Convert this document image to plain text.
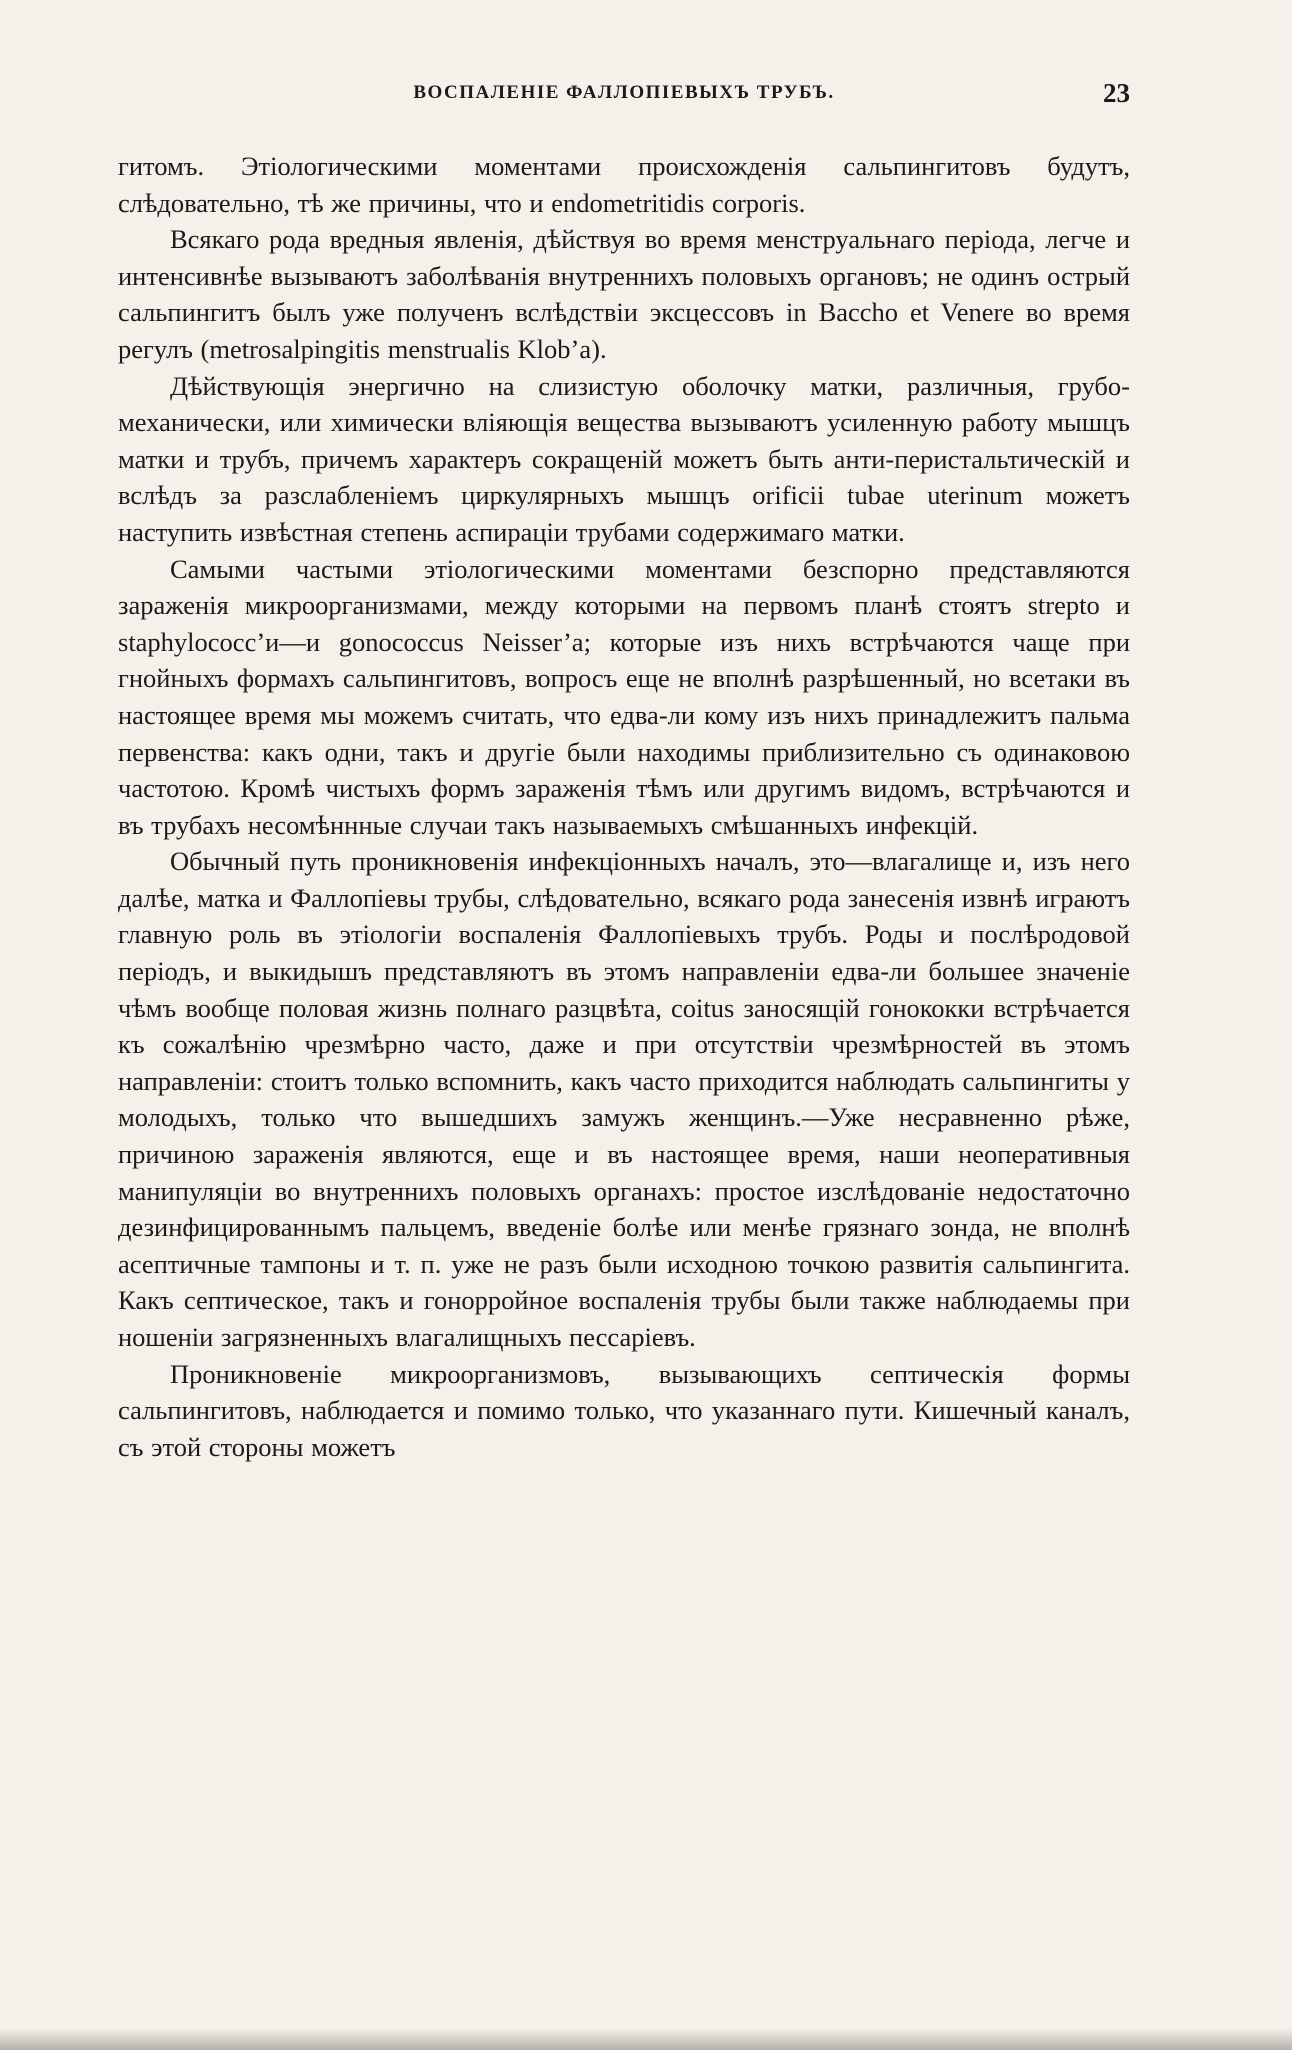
ВОСПАЛЕНІЕ ФАЛЛОПІЕВЫХЪ ТРУБЪ.	23

гитомъ. Этіологическими моментами происхожденія сальпингитовъ будутъ, слѣдовательно, тѣ же причины, что и endometritidis corporis.

Всякаго рода вредныя явленія, дѣйствуя во время менструальнаго періода, легче и интенсивнѣе вызываютъ заболѣванія внутреннихъ половыхъ органовъ; не одинъ острый сальпингитъ былъ уже полученъ вслѣдствіи эксцессовъ in Baccho et Venere во время регулъ (metrosalpingitis menstrualis Klob’a).

Дѣйствующія энергично на слизистую оболочку матки, различныя, грубо-механически, или химически вліяющія вещества вызываютъ усиленную работу мышцъ матки и трубъ, причемъ характеръ сокращеній можетъ быть анти-перистальтическій и вслѣдъ за разслабленіемъ циркулярныхъ мышцъ orificii tubae uterinum можетъ наступить извѣстная степень аспираціи трубами содержимаго матки.

Самыми частыми этіологическими моментами безспорно представляются зараженія микроорганизмами, между которыми на первомъ планѣ стоятъ strepto и staphylococc’и—и gonococcus Neisser’a; которые изъ нихъ встрѣчаются чаще при гнойныхъ формахъ сальпингитовъ, вопросъ еще не вполнѣ разрѣшенный, но всетаки въ настоящее время мы можемъ считать, что едва-ли кому изъ нихъ принадлежитъ пальма первенства: какъ одни, такъ и другіе были находимы приблизительно съ одинаковою частотою. Кромѣ чистыхъ формъ зараженія тѣмъ или другимъ видомъ, встрѣчаются и въ трубахъ несомѣннные случаи такъ называемыхъ смѣшанныхъ инфекцій.

Обычный путь проникновенія инфекціонныхъ началъ, это—влагалище и, изъ него далѣе, матка и Фаллопіевы трубы, слѣдовательно, всякаго рода занесенія извнѣ играютъ главную роль въ этіологіи воспаленія Фаллопіевыхъ трубъ. Роды и послѣродовой періодъ, и выкидышъ представляютъ въ этомъ направленіи едва-ли большее значеніе чѣмъ вообще половая жизнь полнаго разцвѣта, coitus заносящій гонококки встрѣчается къ сожалѣнію чрезмѣрно часто, даже и при отсутствіи чрезмѣрностей въ этомъ направленіи: стоитъ только вспомнить, какъ часто приходится наблюдать сальпингиты у молодыхъ, только что вышедшихъ замужъ женщинъ.—Уже несравненно рѣже, причиною зараженія являются, еще и въ настоящее время, наши неоперативныя манипуляціи во внутреннихъ половыхъ органахъ: простое изслѣдованіе недостаточно дезинфицированнымъ пальцемъ, введеніе болѣе или менѣе грязнаго зонда, не вполнѣ асептичные тампоны и т. п. уже не разъ были исходною точкою развитія сальпингита. Какъ септическое, такъ и гонорройное воспаленія трубы были также наблюдаемы при ношеніи загрязненныхъ влагалищныхъ пессаріевъ.

Проникновеніе микроорганизмовъ, вызывающихъ септическія формы сальпингитовъ, наблюдается и помимо только, что указаннаго пути. Кишечный каналъ, съ этой стороны можетъ
